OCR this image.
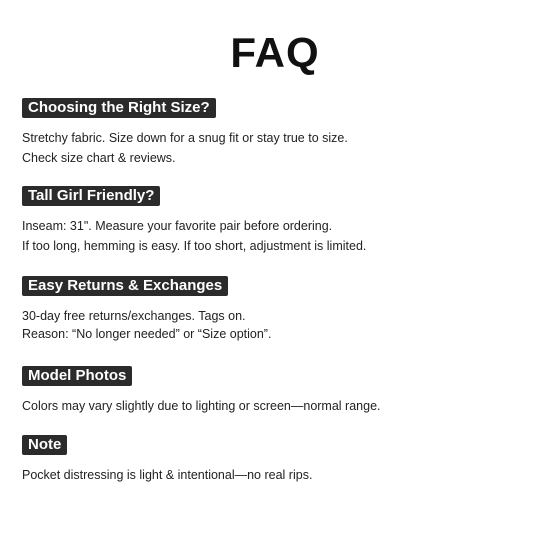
FAQ
Choosing the Right Size?
Stretchy fabric. Size down for a snug fit or stay true to size.
Check size chart & reviews.
Tall Girl Friendly?
Inseam: 31". Measure your favorite pair before ordering.
If too long, hemming is easy. If too short, adjustment is limited.
Easy Returns & Exchanges
30-day free returns/exchanges. Tags on.
Reason: “No longer needed” or “Size option”.
Model Photos
Colors may vary slightly due to lighting or screen—normal range.
Note
Pocket distressing is light & intentional—no real rips.
